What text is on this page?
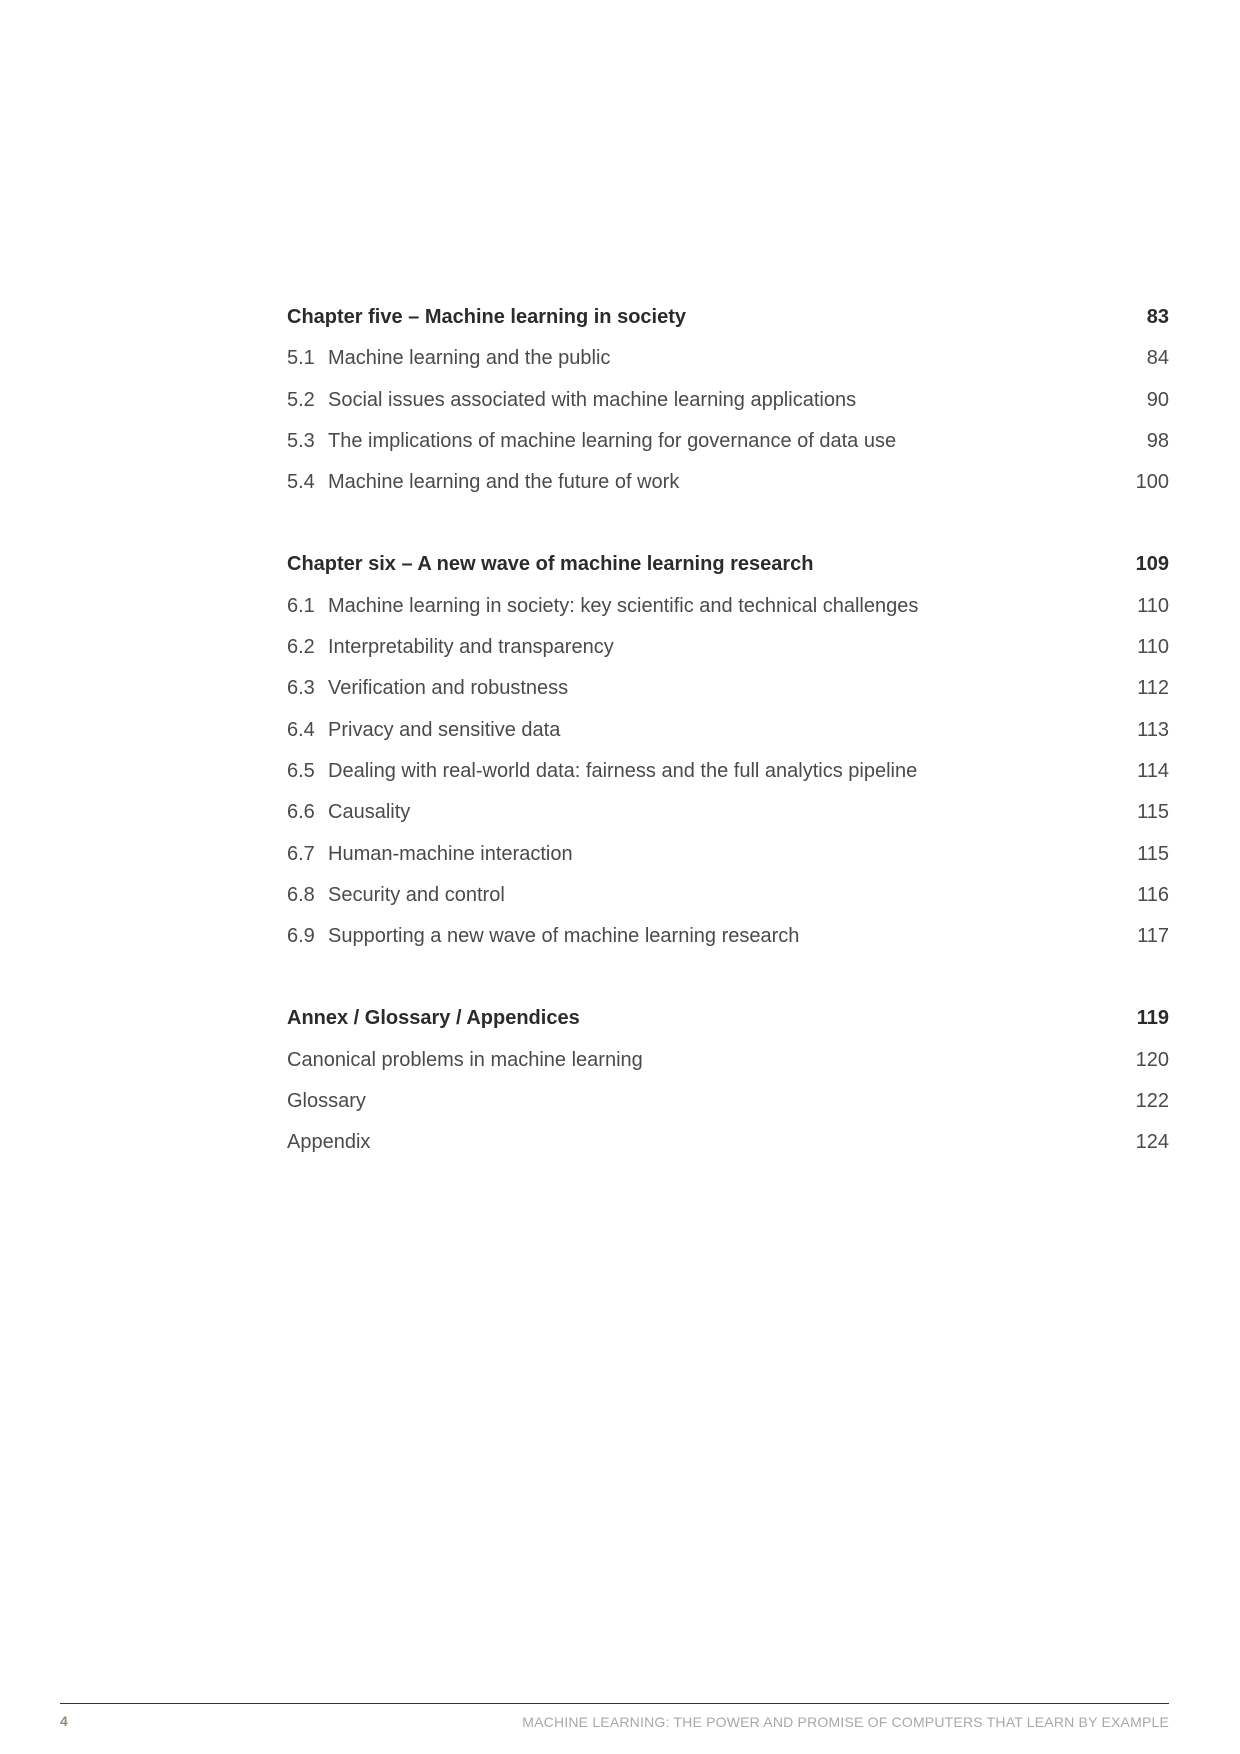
Chapter five – Machine learning in society	83
5.1 Machine learning and the public	84
5.2 Social issues associated with machine learning applications	90
5.3 The implications of machine learning for governance of data use	98
5.4 Machine learning and the future of work	100
Chapter six – A new wave of machine learning research	109
6.1 Machine learning in society: key scientific and technical challenges	110
6.2 Interpretability and transparency	110
6.3 Verification and robustness	112
6.4 Privacy and sensitive data	113
6.5 Dealing with real-world data: fairness and the full analytics pipeline	114
6.6 Causality	115
6.7 Human-machine interaction	115
6.8 Security and control	116
6.9 Supporting a new wave of machine learning research	117
Annex / Glossary / Appendices	119
Canonical problems in machine learning	120
Glossary	122
Appendix	124
4	MACHINE LEARNING: THE POWER AND PROMISE OF COMPUTERS THAT LEARN BY EXAMPLE
